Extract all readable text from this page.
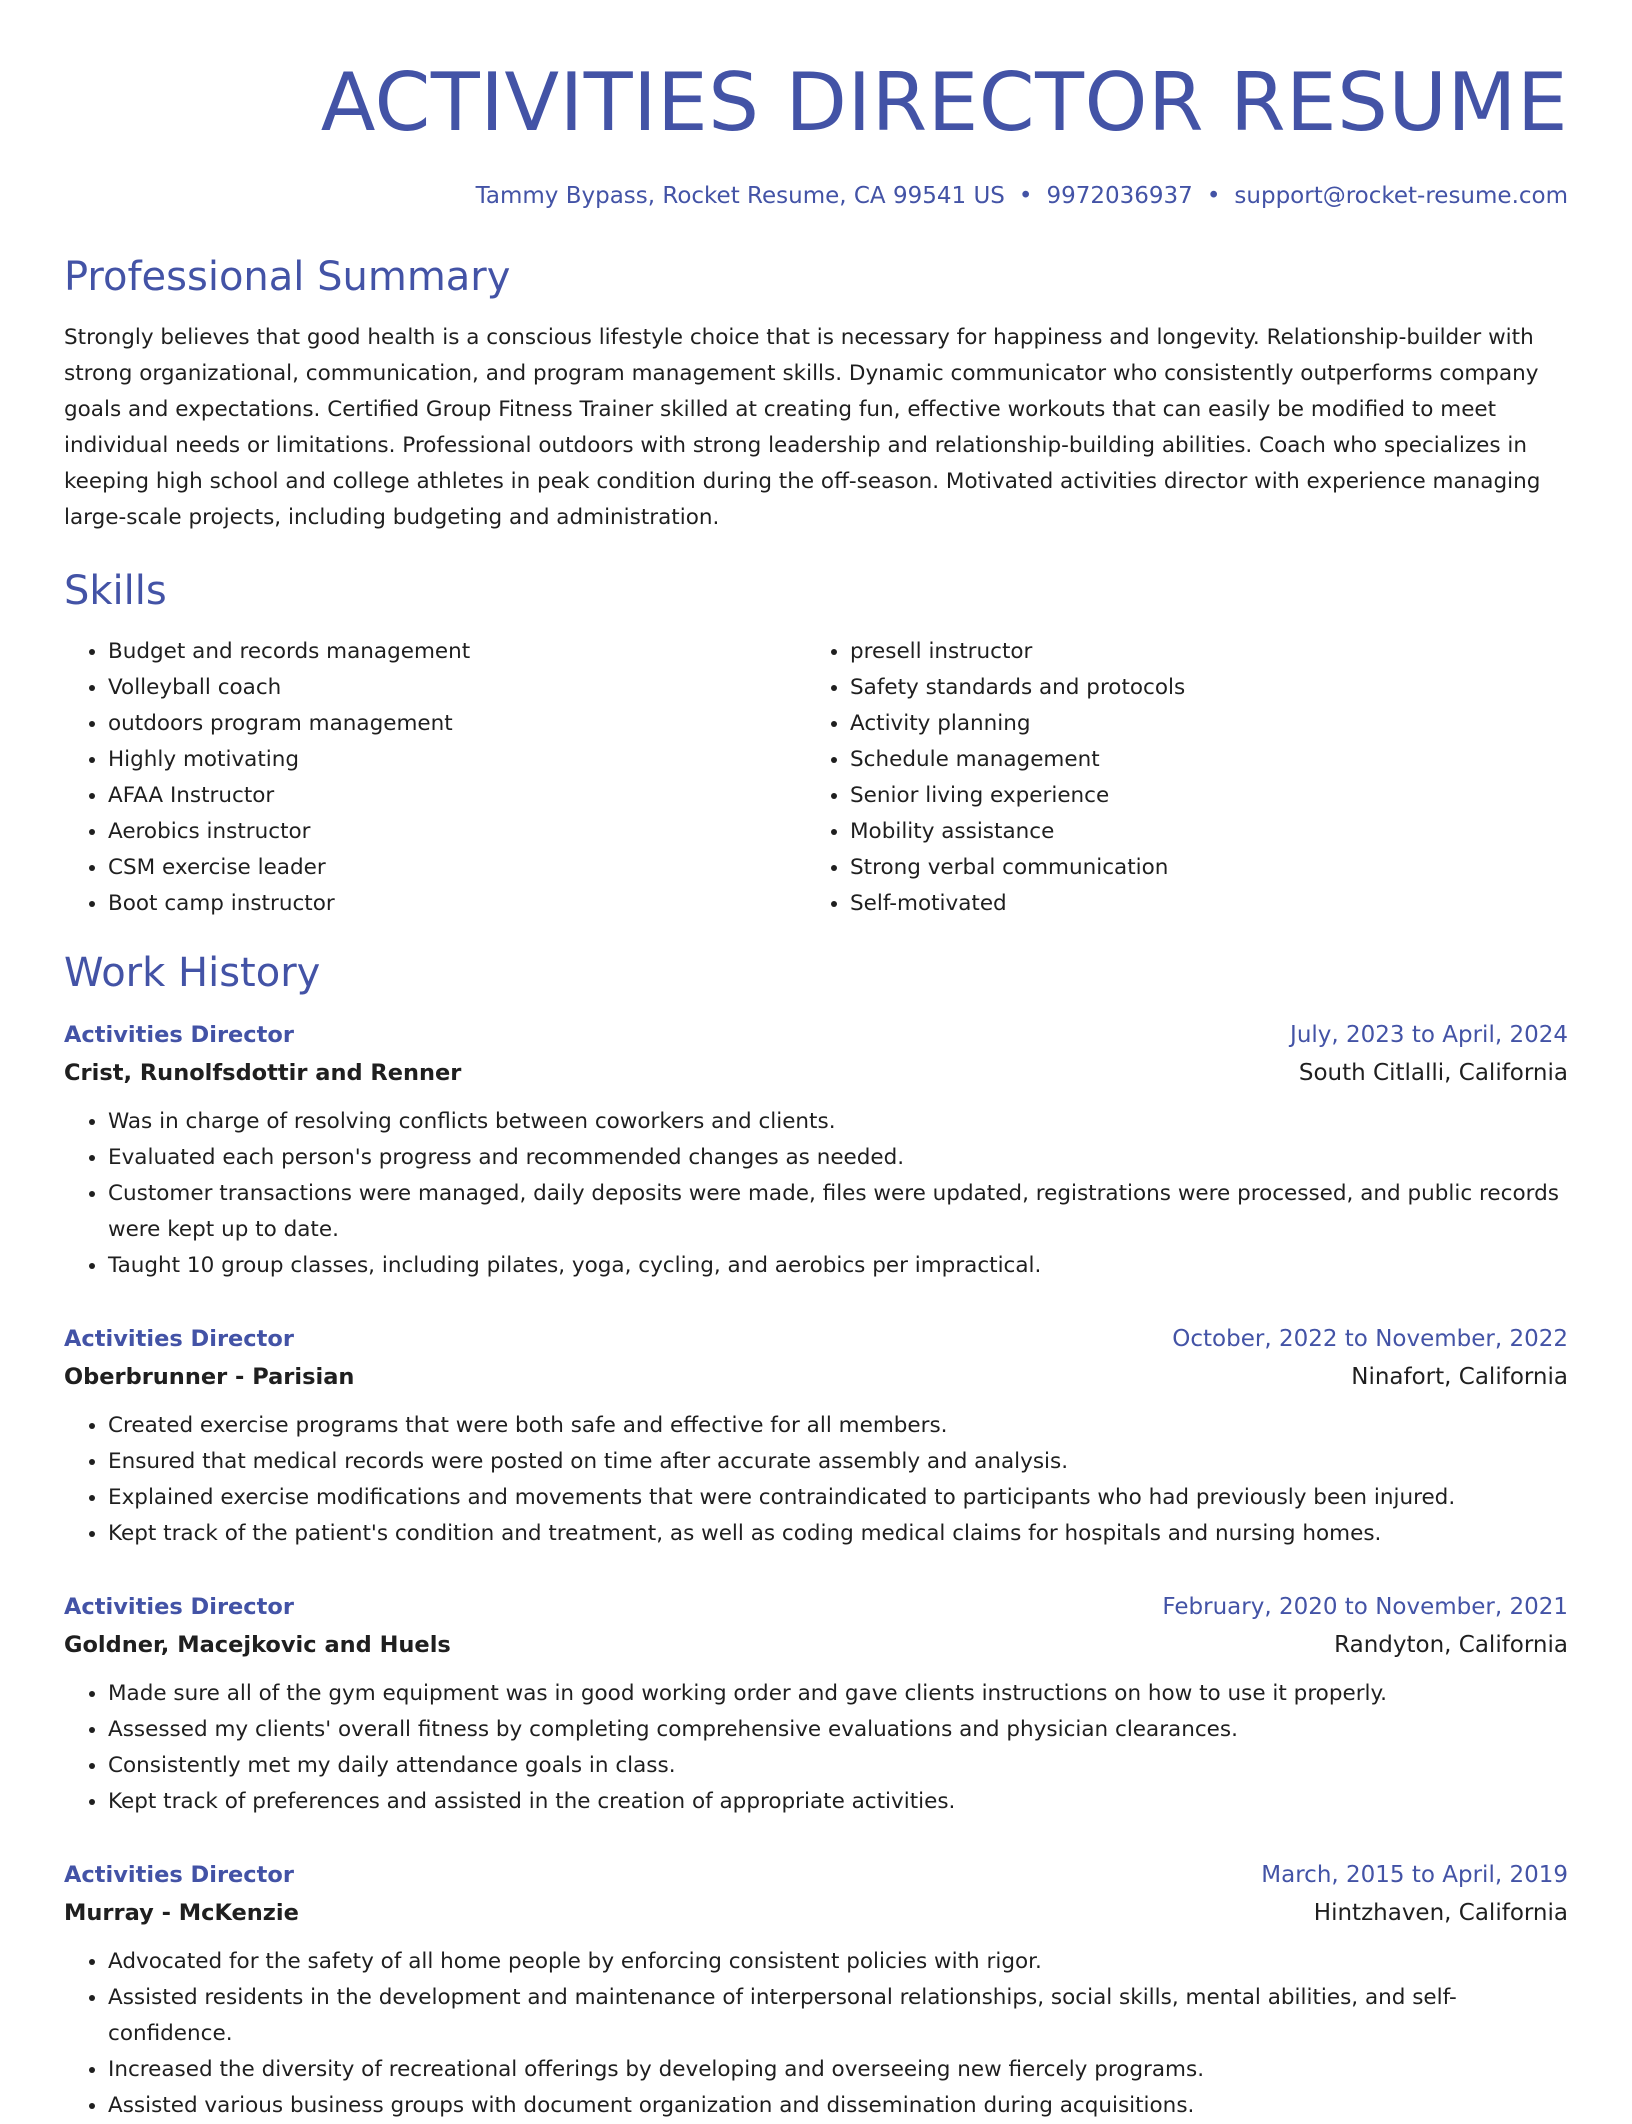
ACTIVITIES DIRECTOR RESUME
Tammy Bypass, Rocket Resume, CA 99541 US • 9972036937 • support@rocket-resume.com
Professional Summary

Strongly believes that good health is a conscious lifestyle choice that is necessary for happiness and longevity. Relationship-builder with strong organizational, communication, and program management skills. Dynamic communicator who consistently outperforms company goals and expectations. Certified Group Fitness Trainer skilled at creating fun, effective workouts that can easily be modified to meet individual needs or limitations. Professional outdoors with strong leadership and relationship-building abilities. Coach who specializes in keeping high school and college athletes in peak condition during the off-season. Motivated activities director with experience managing large-scale projects, including budgeting and administration.

Skills
• Budget and records management
• Volleyball coach
• outdoors program management
• Highly motivating
• AFAA Instructor
• Aerobics instructor
• CSM exercise leader
• Boot camp instructor
• presell instructor
• Safety standards and protocols
• Activity planning
• Schedule management
• Senior living experience
• Mobility assistance
• Strong verbal communication
• Self-motivated
Work History
Activities Director	July, 2023 to April, 2024
Crist, Runolfsdottir and Renner	South Citlalli, California
• Was in charge of resolving conflicts between coworkers and clients.
• Evaluated each person's progress and recommended changes as needed.
• Customer transactions were managed, daily deposits were made, files were updated, registrations were processed, and public records were kept up to date.
• Taught 10 group classes, including pilates, yoga, cycling, and aerobics per impractical.
Activities Director	October, 2022 to November, 2022
Oberbrunner - Parisian	Ninafort, California
• Created exercise programs that were both safe and effective for all members.
• Ensured that medical records were posted on time after accurate assembly and analysis.
• Explained exercise modifications and movements that were contraindicated to participants who had previously been injured.
• Kept track of the patient's condition and treatment, as well as coding medical claims for hospitals and nursing homes.
Activities Director	February, 2020 to November, 2021
Goldner, Macejkovic and Huels	Randyton, California
• Made sure all of the gym equipment was in good working order and gave clients instructions on how to use it properly.
• Assessed my clients' overall fitness by completing comprehensive evaluations and physician clearances.
• Consistently met my daily attendance goals in class.
• Kept track of preferences and assisted in the creation of appropriate activities.
Activities Director	March, 2015 to April, 2019
Murray - McKenzie	Hintzhaven, California
• Advocated for the safety of all home people by enforcing consistent policies with rigor.
• Assisted residents in the development and maintenance of interpersonal relationships, social skills, mental abilities, and self-confidence.
• Increased the diversity of recreational offerings by developing and overseeing new fiercely programs.
• Assisted various business groups with document organization and dissemination during acquisitions.
